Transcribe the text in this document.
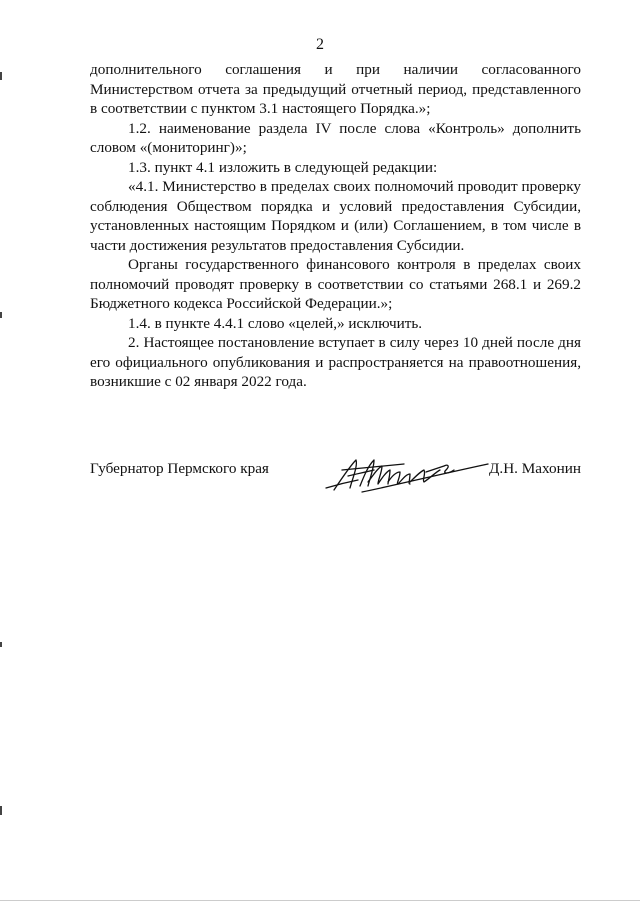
2

дополнительного соглашения и при наличии согласованного Министерством отчета за предыдущий отчетный период, представленного в соответствии с пунктом 3.1 настоящего Порядка.»;

1.2. наименование раздела IV после слова «Контроль» дополнить словом «(мониторинг)»;

1.3. пункт 4.1 изложить в следующей редакции:

«4.1. Министерство в пределах своих полномочий проводит проверку соблюдения Обществом порядка и условий предоставления Субсидии, установленных настоящим Порядком и (или) Соглашением, в том числе в части достижения результатов предоставления Субсидии.

Органы государственного финансового контроля в пределах своих полномочий проводят проверку в соответствии со статьями 268.1 и 269.2 Бюджетного кодекса Российской Федерации.»;

1.4. в пункте 4.4.1 слово «целей,» исключить.

2. Настоящее постановление вступает в силу через 10 дней после дня его официального опубликования и распространяется на правоотношения, возникшие с 02 января 2022 года.

Губернатор Пермского края	Д.Н. Махонин
